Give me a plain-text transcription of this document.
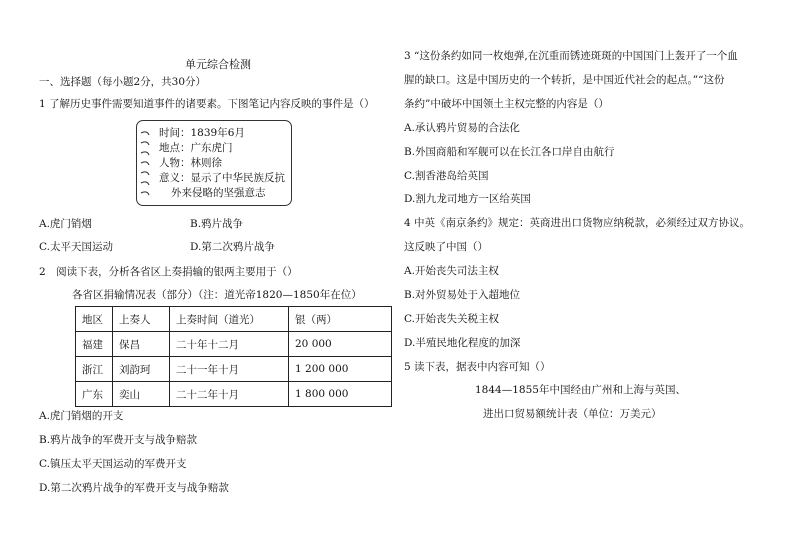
单元综合检测
一、选择题（每小题2分，共30分）
1 了解历史事件需要知道事件的诸要素。下图笔记内容反映的事件是（）
时间：1839年6月
地点：广东虎门
人物：林则徐
意义：显示了中华民族反抗
外来侵略的坚强意志
A.虎门销烟	B.鸦片战争
C.太平天国运动	D.第二次鸦片战争
2　阅读下表，分析各省区上奏捐输的银两主要用于（）
各省区捐输情况表（部分）（注：道光帝1820—1850年在位）
地区	上奏人	上奏时间（道光）	银（两）
福建	保昌	二十年十二月	20 000
浙江	刘韵珂	二十一年十月	1 200 000
广东	奕山	二十二年十月	1 800 000
A.虎门销烟的开支
B.鸦片战争的军费开支与战争赔款
C.镇压太平天国运动的军费开支
D.第二次鸦片战争的军费开支与战争赔款
3 “这份条约如同一枚炮弹,在沉重而锈迹斑斑的中国国门上轰开了一个血
腥的缺口。这是中国历史的一个转折，是中国近代社会的起点。”“这份
条约”中破坏中国领土主权完整的内容是（）
A.承认鸦片贸易的合法化
B.外国商船和军舰可以在长江各口岸自由航行
C.割香港岛给英国
D.割九龙司地方一区给英国
4 中英《南京条约》规定：英商进出口货物应纳税款，必须经过双方协议。
这反映了中国（）
A.开始丧失司法主权
B.对外贸易处于入超地位
C.开始丧失关税主权
D.半殖民地化程度的加深
5 读下表，据表中内容可知（）
1844—1855年中国经由广州和上海与英国、
进出口贸易额统计表（单位：万美元）
